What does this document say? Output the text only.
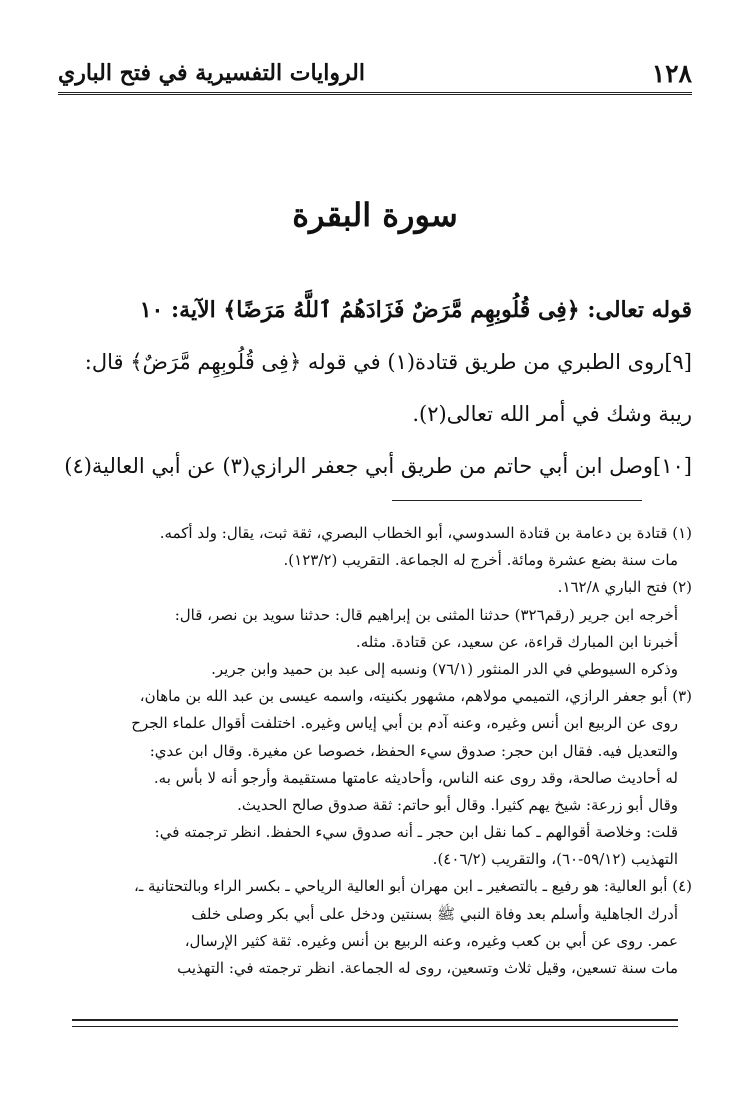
١٢٨
الروايات التفسيرية في فتح الباري
سورة البقرة
قوله تعالى: ﴿فِى قُلُوبِهِم مَّرَضٌ فَزَادَهُمُ ٱللَّهُ مَرَضًا﴾ الآية: ١٠
[٩]روى الطبري من طريق قتادة(١) في قوله ﴿فِى قُلُوبِهِم مَّرَضٌ﴾ قال:
ريبة وشك في أمر الله تعالى(٢).
[١٠]وصل ابن أبي حاتم من طريق أبي جعفر الرازي(٣) عن أبي العالية(٤)
(١) قتادة بن دعامة بن قتادة السدوسي، أبو الخطاب البصري، ثقة ثبت، يقال: ولد أكمه.
مات سنة بضع عشرة ومائة. أخرج له الجماعة. التقريب (١٢٣/٢).
(٢) فتح الباري ١٦٢/٨.
أخرجه ابن جرير (رقم٣٢٦) حدثنا المثنى بن إبراهيم قال: حدثنا سويد بن نصر، قال:
أخبرنا ابن المبارك قراءة، عن سعيد، عن قتادة. مثله.
وذكره السيوطي في الدر المنثور (٧٦/١) ونسبه إلى عبد بن حميد وابن جرير.
(٣) أبو جعفر الرازي، التميمي مولاهم، مشهور بكنيته، واسمه عيسى بن عبد الله بن ماهان،
روى عن الربيع ابن أنس وغيره، وعنه آدم بن أبي إياس وغيره. اختلفت أقوال علماء الجرح
والتعديل فيه. فقال ابن حجر: صدوق سيء الحفظ، خصوصا عن مغيرة. وقال ابن عدي:
له أحاديث صالحة، وقد روى عنه الناس، وأحاديثه عامتها مستقيمة وأرجو أنه لا بأس به.
وقال أبو زرعة: شيخ يهم كثيرا. وقال أبو حاتم: ثقة صدوق صالح الحديث.
قلت: وخلاصة أقوالهم ـ كما نقل ابن حجر ـ أنه صدوق سيء الحفظ. انظر ترجمته في:
التهذيب (٥٩/١٢-٦٠)، والتقريب (٤٠٦/٢).
(٤) أبو العالية: هو رفيع ـ بالتصغير ـ ابن مهران أبو العالية الرياحي ـ بكسر الراء وبالتحتانية ـ،
أدرك الجاهلية وأسلم بعد وفاة النبي ﷺ بسنتين ودخل على أبي بكر وصلى خلف
عمر. روى عن أبي بن كعب وغيره، وعنه الربيع بن أنس وغيره. ثقة كثير الإرسال،
مات سنة تسعين، وقيل ثلاث وتسعين، روى له الجماعة. انظر ترجمته في: التهذيب
